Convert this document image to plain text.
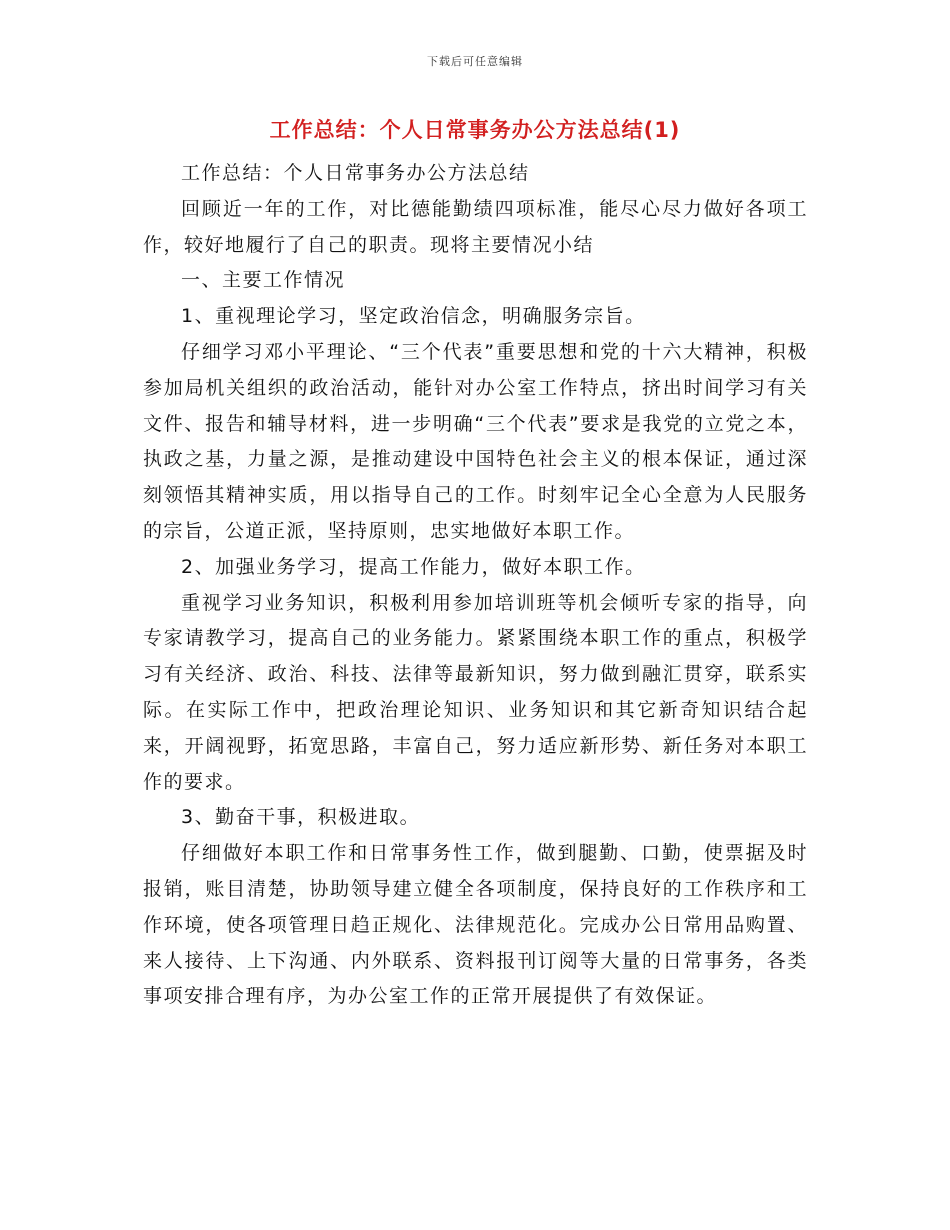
下载后可任意编辑
工作总结：个人日常事务办公方法总结(1)

工作总结：个人日常事务办公方法总结

回顾近一年的工作，对比德能勤绩四项标准，能尽心尽力做好各项工作，较好地履行了自己的职责。现将主要情况小结

一、主要工作情况

1、重视理论学习，坚定政治信念，明确服务宗旨。

仔细学习邓小平理论、“三个代表”重要思想和党的十六大精神，积极参加局机关组织的政治活动，能针对办公室工作特点，挤出时间学习有关文件、报告和辅导材料，进一步明确“三个代表”要求是我党的立党之本，执政之基，力量之源，是推动建设中国特色社会主义的根本保证，通过深刻领悟其精神实质，用以指导自己的工作。时刻牢记全心全意为人民服务的宗旨，公道正派，坚持原则，忠实地做好本职工作。

2、加强业务学习，提高工作能力，做好本职工作。

重视学习业务知识，积极利用参加培训班等机会倾听专家的指导，向专家请教学习，提高自己的业务能力。紧紧围绕本职工作的重点，积极学习有关经济、政治、科技、法律等最新知识，努力做到融汇贯穿，联系实际。在实际工作中，把政治理论知识、业务知识和其它新奇知识结合起来，开阔视野，拓宽思路，丰富自己，努力适应新形势、新任务对本职工作的要求。

3、勤奋干事，积极进取。

仔细做好本职工作和日常事务性工作，做到腿勤、口勤，使票据及时报销，账目清楚，协助领导建立健全各项制度，保持良好的工作秩序和工作环境，使各项管理日趋正规化、法律规范化。完成办公日常用品购置、来人接待、上下沟通、内外联系、资料报刊订阅等大量的日常事务，各类事项安排合理有序，为办公室工作的正常开展提供了有效保证。
